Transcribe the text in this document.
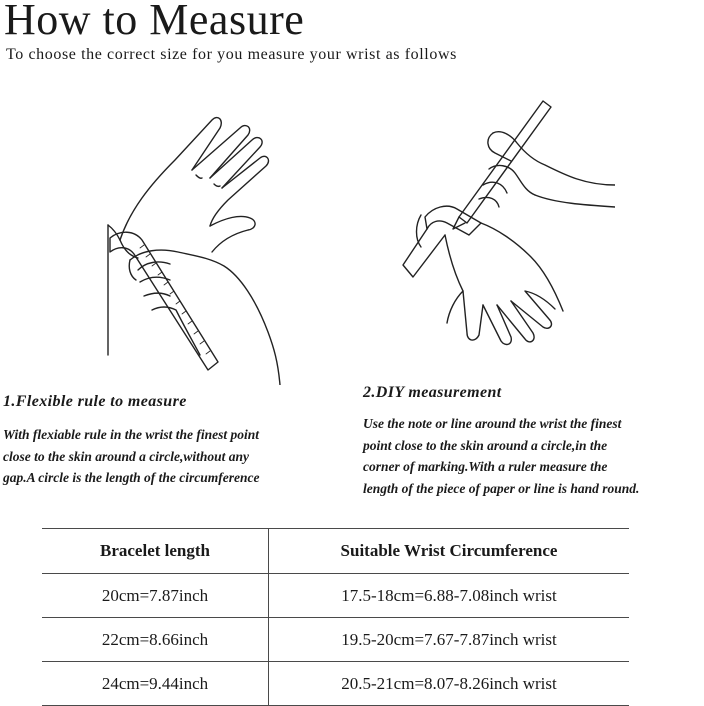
How to Measure
To choose the correct size for you measure your wrist as follows
1.Flexible rule to measure
With flexiable rule in the wrist the finest point
close to the skin around a circle,without any
gap.A circle is the length of the circumference
2.DIY measurement
Use the note or line around the wrist the finest
point close to the skin around a circle,in the
corner of marking.With a ruler measure the
length of the piece of paper or line is hand round.
Bracelet length	Suitable Wrist Circumference
20cm=7.87inch	17.5-18cm=6.88-7.08inch wrist
22cm=8.66inch	19.5-20cm=7.67-7.87inch wrist
24cm=9.44inch	20.5-21cm=8.07-8.26inch wrist
